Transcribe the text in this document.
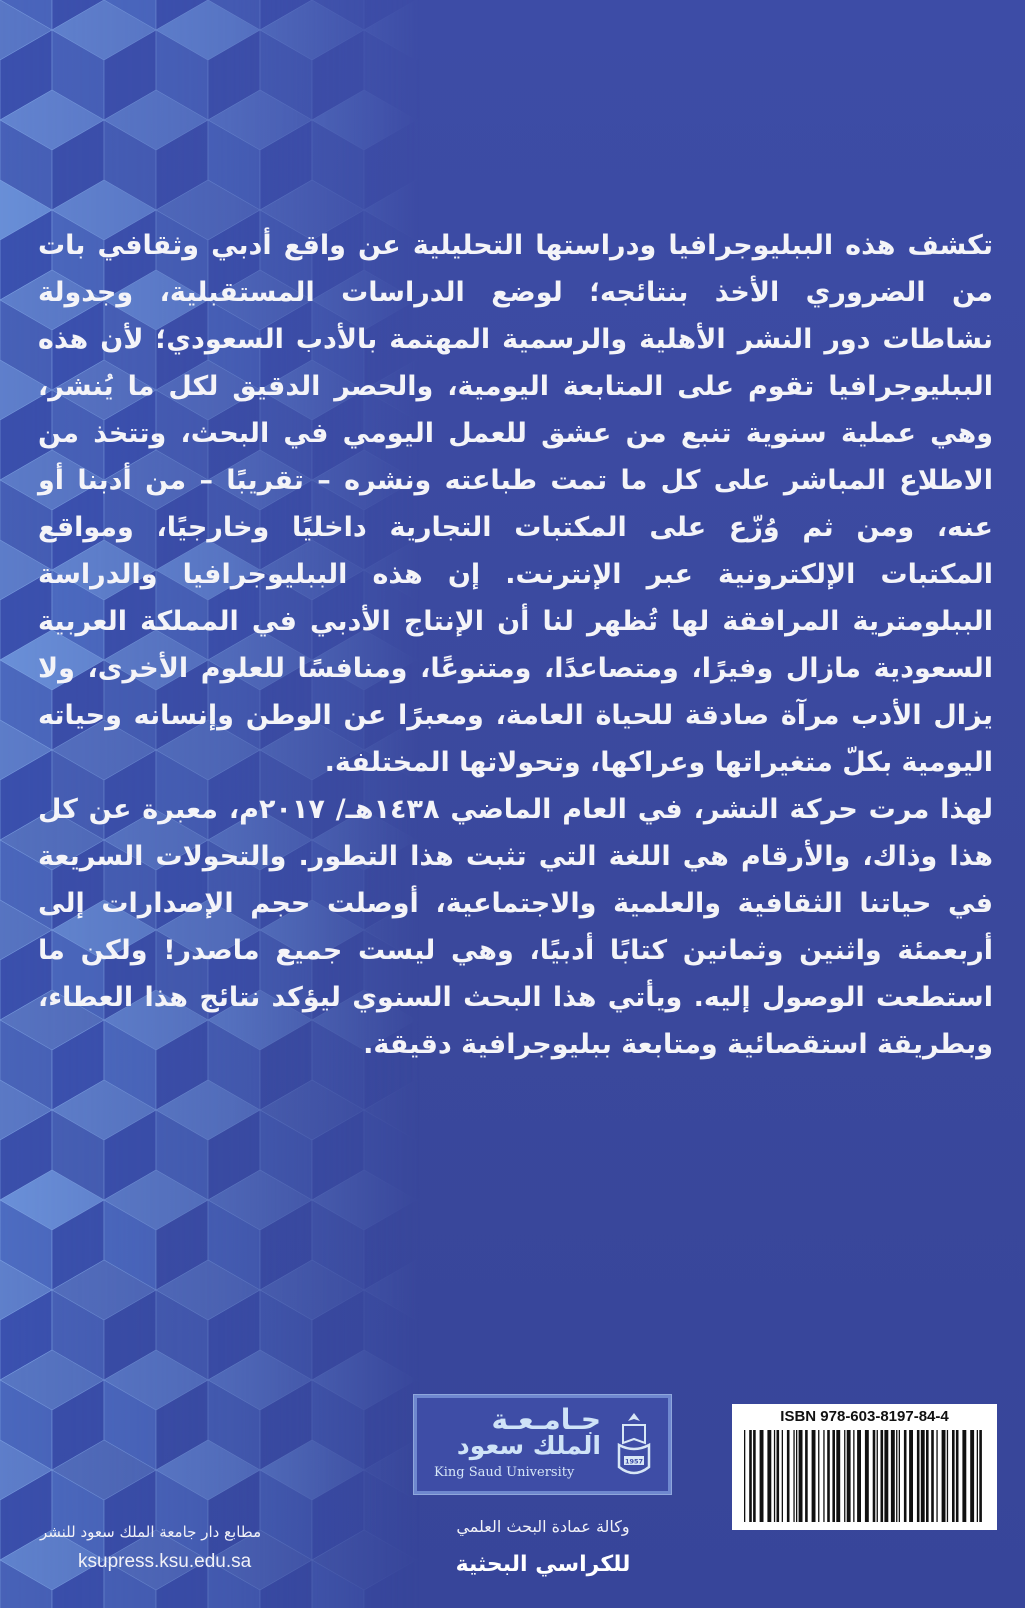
تكشف هذه الببليوجرافيا ودراستها التحليلية عن واقع أدبي وثقافي بات من الضروري الأخذ بنتائجه؛ لوضع الدراسات المستقبلية، وجدولة نشاطات دور النشر الأهلية والرسمية المهتمة بالأدب السعودي؛ لأن هذه الببليوجرافيا تقوم على المتابعة اليومية، والحصر الدقيق لكل ما يُنشر، وهي عملية سنوية تنبع من عشق للعمل اليومي في البحث، وتتخذ من الاطلاع المباشر على كل ما تمت طباعته ونشره – تقريبًا – من أدبنا أو عنه، ومن ثم وُزّع على المكتبات التجارية داخليًا وخارجيًا، ومواقع المكتبات الإلكترونية عبر الإنترنت. إن هذه الببليوجرافيا والدراسة الببلومترية المرافقة لها تُظهر لنا أن الإنتاج الأدبي في المملكة العربية السعودية مازال وفيرًا، ومتصاعدًا، ومتنوعًا، ومنافسًا للعلوم الأخرى، ولا يزال الأدب مرآة صادقة للحياة العامة، ومعبرًا عن الوطن وإنسانه وحياته اليومية بكلّ متغيراتها وعراكها، وتحولاتها المختلفة.

لهذا مرت حركة النشر، في العام الماضي ١٤٣٨هـ/ ٢٠١٧م، معبرة عن كل هذا وذاك، والأرقام هي اللغة التي تثبت هذا التطور. والتحولات السريعة في حياتنا الثقافية والعلمية والاجتماعية، أوصلت حجم الإصدارات إلى أربعمئة واثنين وثمانين كتابًا أدبيًا، وهي ليست جميع ماصدر! ولكن ما استطعت الوصول إليه. ويأتي هذا البحث السنوي ليؤكد نتائج هذا العطاء، وبطريقة استقصائية ومتابعة ببليوجرافية دقيقة.

1957
جـامـعـة
الملك سعود
King Saud University
وكالة عمادة البحث العلمي
للكراسي البحثية
مطابع دار جامعة الملك سعود للنشر
ksupress.ksu.edu.sa
ISBN 978-603-8197-84-4
